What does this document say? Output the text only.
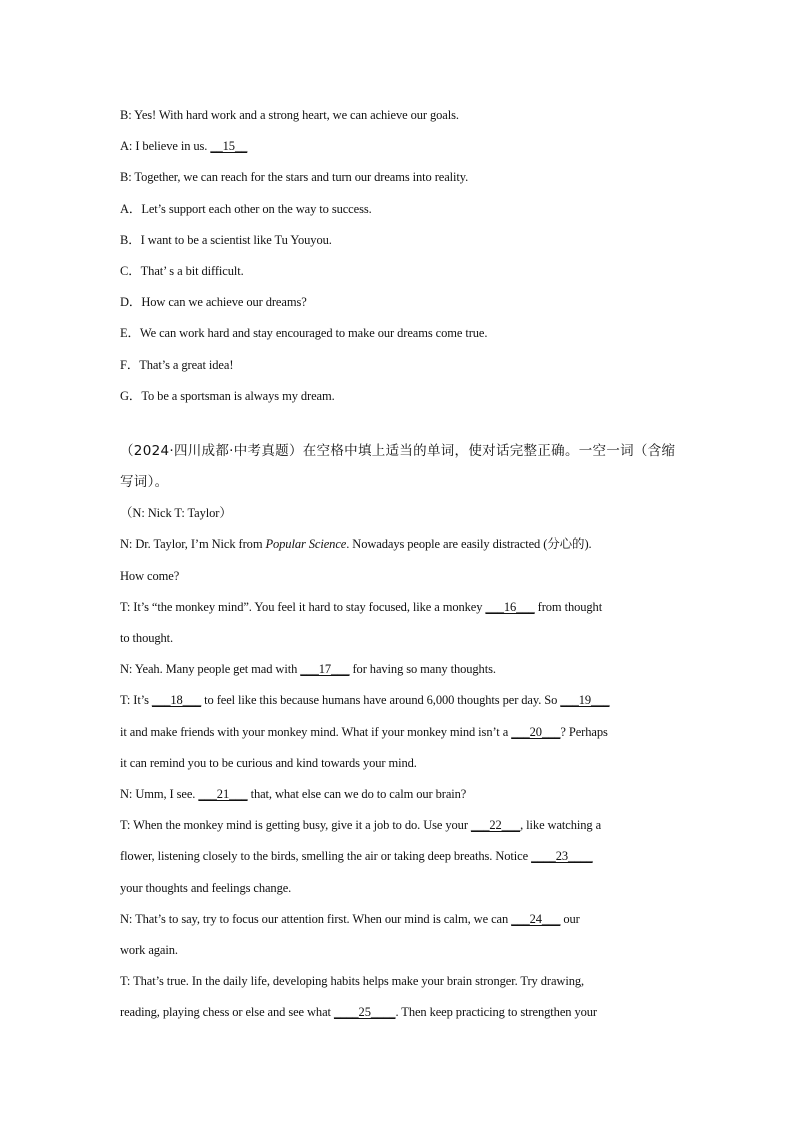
B: Yes! With hard work and a strong heart, we can achieve our goals.
A: I believe in us. __15__
B: Together, we can reach for the stars and turn our dreams into reality.
A．Let’s support each other on the way to success.
B．I want to be a scientist like Tu Youyou.
C．That’ s a bit difficult.
D．How can we achieve our dreams?
E．We can work hard and stay encouraged to make our dreams come true.
F．That’s a great idea!
G．To be a sportsman is always my dream.
（2024·四川成都·中考真题）在空格中填上适当的单词，使对话完整正确。一空一词（含缩
写词）。
（N: Nick T: Taylor）
N: Dr. Taylor, I’m Nick from Popular Science. Nowadays people are easily distracted (分心的).
How come?
T: It’s “the monkey mind”. You feel it hard to stay focused, like a monkey ___16___ from thought
to thought.
N: Yeah. Many people get mad with ___17___ for having so many thoughts.
T: It’s ___18___ to feel like this because humans have around 6,000 thoughts per day. So ___19___
it and make friends with your monkey mind. What if your monkey mind isn’t a ___20___? Perhaps
it can remind you to be curious and kind towards your mind.
N: Umm, I see. ___21___ that, what else can we do to calm our brain?
T: When the monkey mind is getting busy, give it a job to do. Use your ___22___, like watching a
flower, listening closely to the birds, smelling the air or taking deep breaths. Notice ____23____
your thoughts and feelings change.
N: That’s to say, try to focus our attention first. When our mind is calm, we can ___24___ our
work again.
T: That’s true. In the daily life, developing habits helps make your brain stronger. Try drawing,
reading, playing chess or else and see what ____25____. Then keep practicing to strengthen your
